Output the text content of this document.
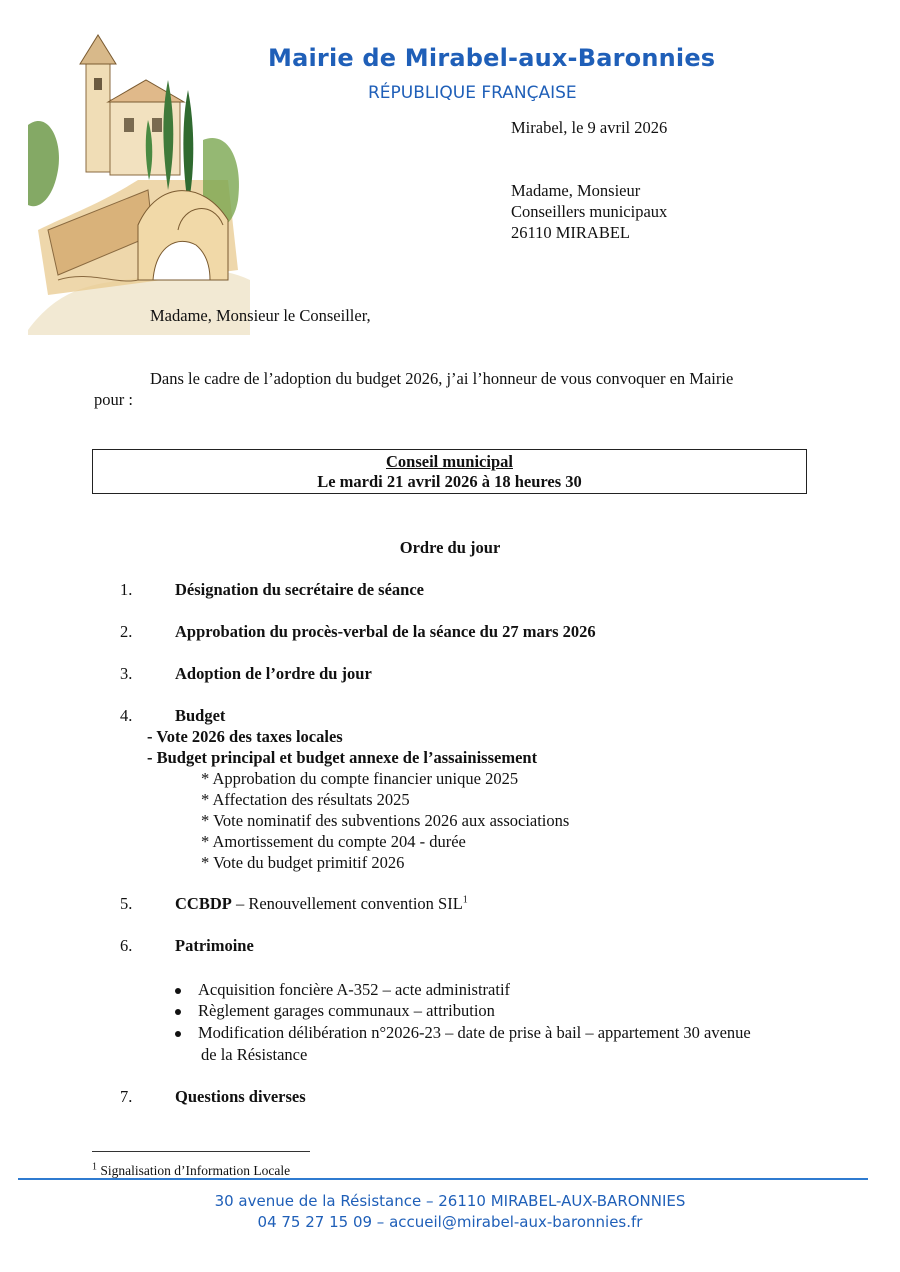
Mairie de Mirabel-aux-Baronnies
RÉPUBLIQUE FRANÇAISE
Mirabel, le 9 avril 2026
Madame, Monsieur
Conseillers municipaux
26110 MIRABEL
Madame, Monsieur le Conseiller,
Dans le cadre de l’adoption du budget 2026, j’ai l’honneur de vous convoquer en Mairie
pour :
Conseil municipal
Le mardi 21 avril 2026 à 18 heures 30
Ordre du jour
1.	Désignation du secrétaire de séance
2.	Approbation du procès-verbal de la séance du 27 mars 2026
3.	Adoption de l’ordre du jour
4.	Budget
- Vote 2026 des taxes locales
- Budget principal et budget annexe de l’assainissement
* Approbation du compte financier unique 2025
* Affectation des résultats 2025
* Vote nominatif des subventions 2026 aux associations
* Amortissement du compte 204 - durée
* Vote du budget primitif 2026
5.	CCBDP – Renouvellement convention SIL$^1$
6.	Patrimoine
Acquisition foncière A-352 – acte administratif
Règlement garages communaux – attribution
Modification délibération n°2026-23 – date de prise à bail – appartement 30 avenue
de la Résistance
7.	Questions diverses
$^1$ Signalisation d’Information Locale
30 avenue de la Résistance – 26110 MIRABEL-AUX-BARONNIES
04 75 27 15 09 – accueil@mirabel-aux-baronnies.fr
